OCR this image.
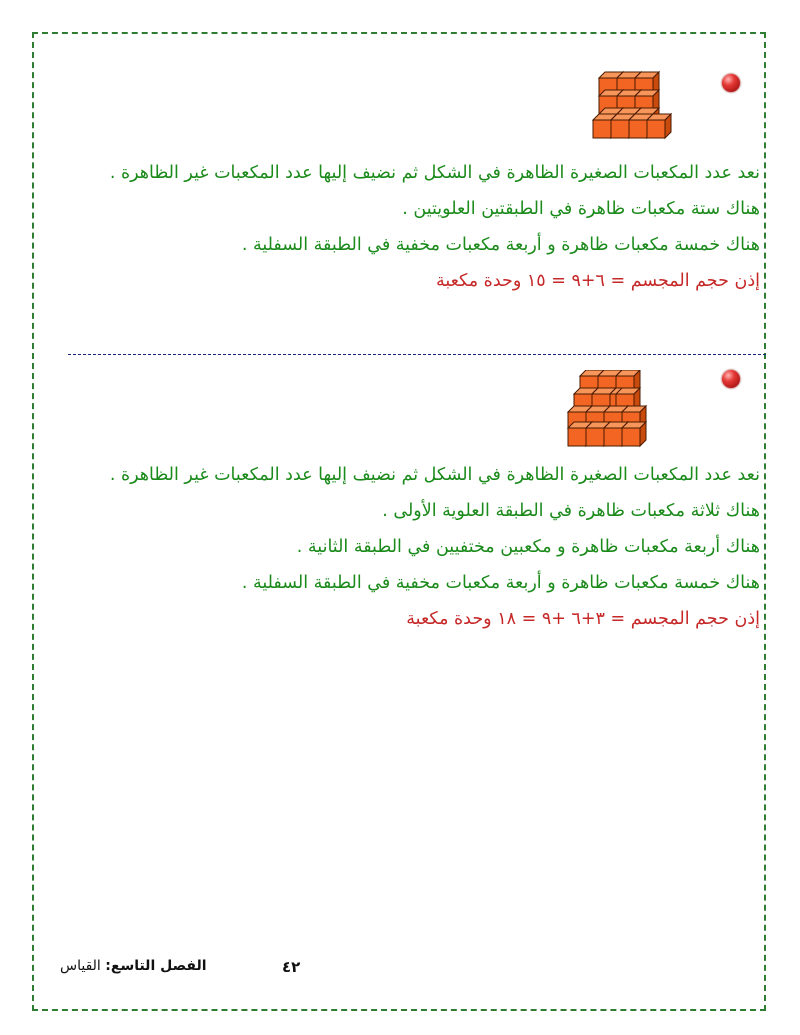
نعد عدد المكعبات الصغيرة الظاهرة في الشكل ثم نضيف إليها عدد المكعبات غير الظاهرة .

هناك ستة مكعبات ظاهرة في الطبقتين العلويتين .

هناك خمسة مكعبات ظاهرة و أربعة مكعبات مخفية في الطبقة السفلية .

إذن حجم المجسم = ٦+٩ = ١٥ وحدة مكعبة

نعد عدد المكعبات الصغيرة الظاهرة في الشكل ثم نضيف إليها عدد المكعبات غير الظاهرة .

هناك ثلاثة مكعبات ظاهرة في الطبقة العلوية الأولى .

هناك أربعة مكعبات ظاهرة و مكعبين مختفيين في الطبقة الثانية .

هناك خمسة مكعبات ظاهرة و أربعة مكعبات مخفية في الطبقة السفلية .

إذن حجم المجسم = ٣+٦ +٩ = ١٨ وحدة مكعبة

الفصل التاسع: القياس	٤٢
